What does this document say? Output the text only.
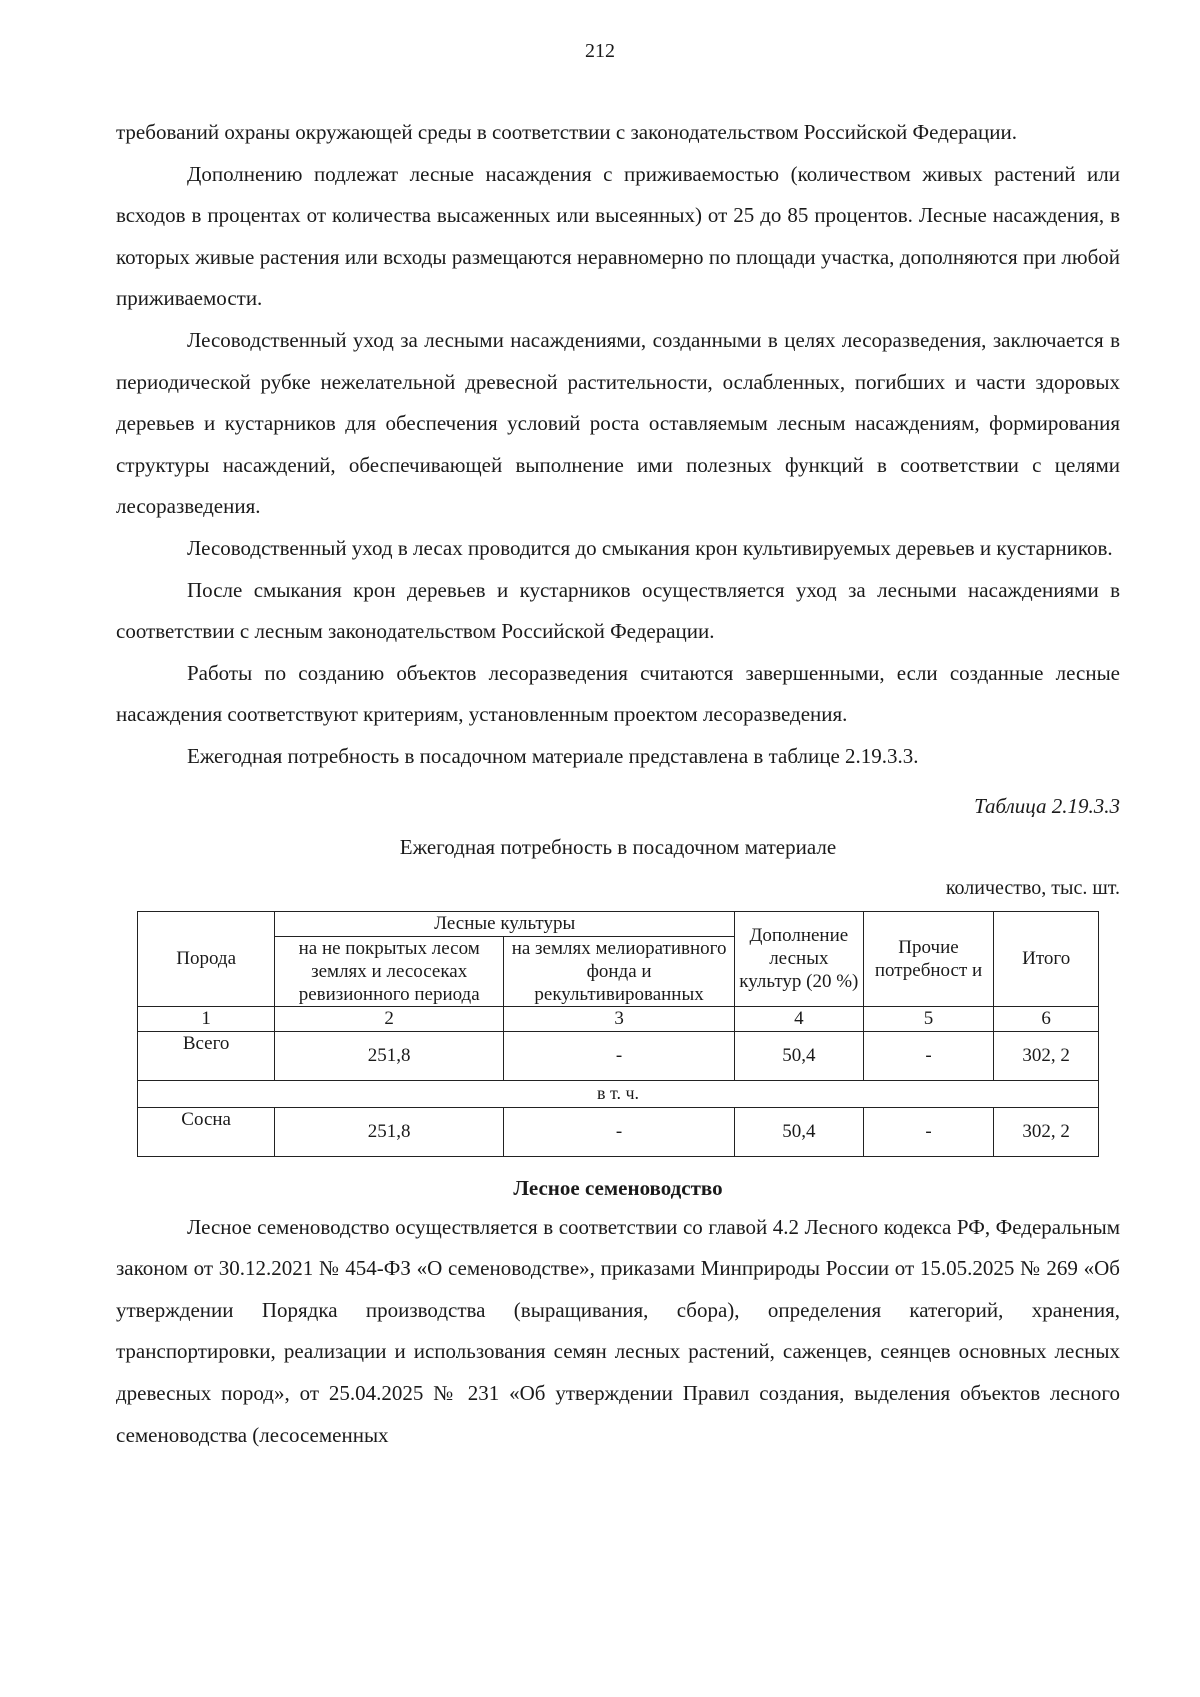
212

требований охраны окружающей среды в соответствии с законодательством Российской Федерации.

Дополнению подлежат лесные насаждения с приживаемостью (количеством живых растений или всходов в процентах от количества высаженных или высеянных) от 25 до 85 процентов. Лесные насаждения, в которых живые растения или всходы размещаются неравномерно по площади участка, дополняются при любой приживаемости.

Лесоводственный уход за лесными насаждениями, созданными в целях лесоразведения, заключается в периодической рубке нежелательной древесной растительности, ослабленных, погибших и части здоровых деревьев и кустарников для обеспечения условий роста оставляемым лесным насаждениям, формирования структуры насаждений, обеспечивающей выполнение ими полезных функций в соответствии с целями лесоразведения.

Лесоводственный уход в лесах проводится до смыкания крон культивируемых деревьев и кустарников.

После смыкания крон деревьев и кустарников осуществляется уход за лесными насаждениями в соответствии с лесным законодательством Российской Федерации.

Работы по созданию объектов лесоразведения считаются завершенными, если созданные лесные насаждения соответствуют критериям, установленным проектом лесоразведения.

Ежегодная потребность в посадочном материале представлена в таблице 2.19.3.3.

Таблица 2.19.3.3
Ежегодная потребность в посадочном материале
количество, тыс. шт.
Порода	Лесные культуры		Дополнение лесных культур (20 %)	Прочие потребност и	Итого
	на не покрытых лесом землях и лесосеках ревизионного периода	на землях мелиоративного фонда и рекультивированных			
1	2	3	4	5	6
Всего	251,8	-	50,4	-	302, 2
в т. ч.					
Сосна	251,8	-	50,4	-	302, 2
Лесное семеноводство

Лесное семеноводство осуществляется в соответствии со главой 4.2 Лесного кодекса РФ, Федеральным законом от 30.12.2021 № 454-ФЗ «О семеноводстве», приказами Минприроды России от 15.05.2025 № 269 «Об утверждении Порядка производства (выращивания, сбора), определения категорий, хранения, транспортировки, реализации и использования семян лесных растений, саженцев, сеянцев основных лесных древесных пород», от 25.04.2025 № 231 «Об утверждении Правил создания, выделения объектов лесного семеноводства (лесосеменных
